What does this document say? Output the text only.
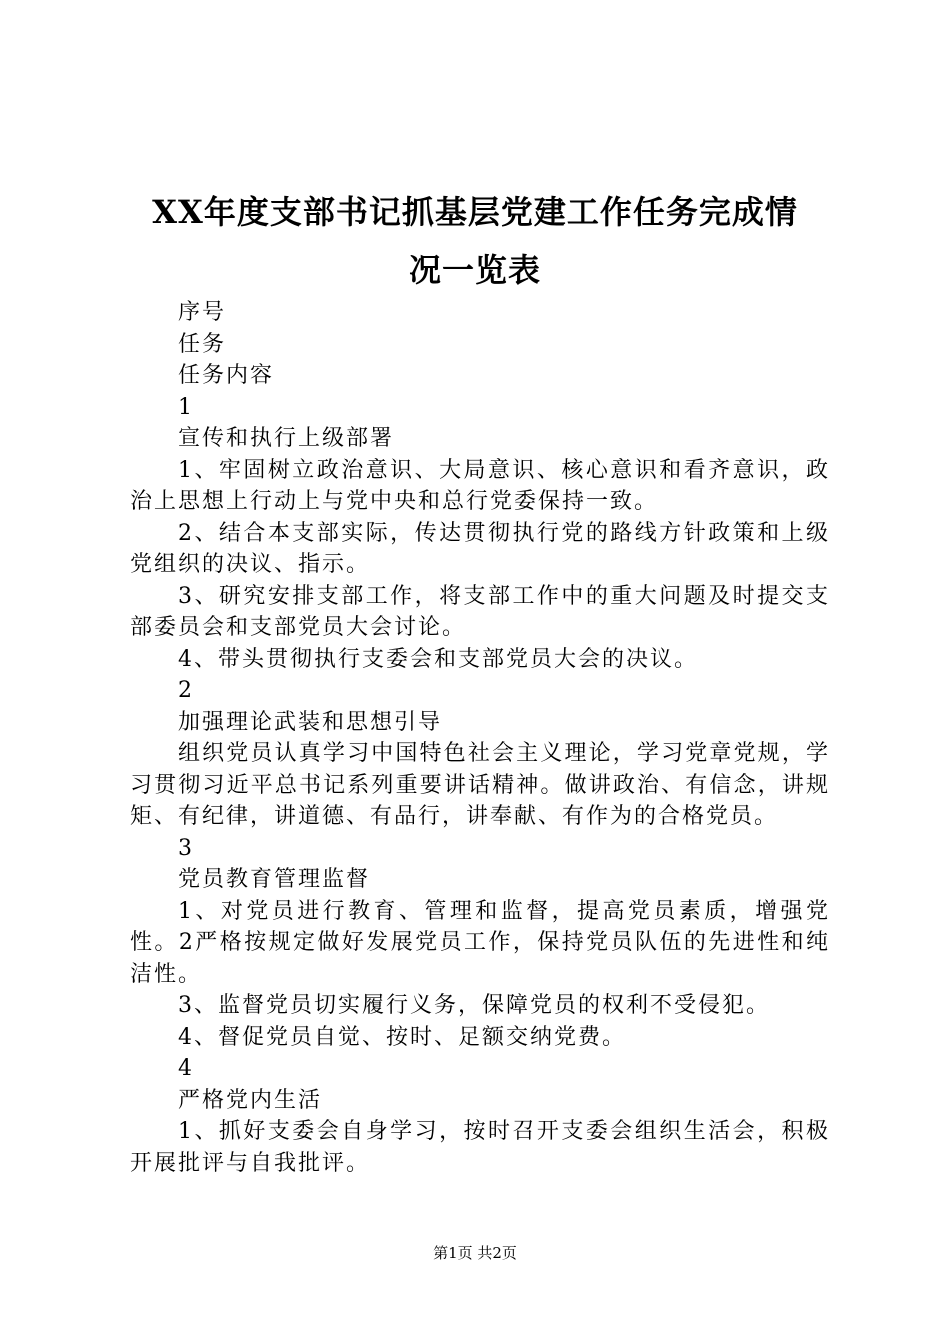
XX年度支部书记抓基层党建工作任务完成情
况一览表

序号

任务

任务内容

1

宣传和执行上级部署

1、牢固树立政治意识、大局意识、核心意识和看齐意识，政治上思想上行动上与党中央和总行党委保持一致。

2、结合本支部实际，传达贯彻执行党的路线方针政策和上级党组织的决议、指示。

3、研究安排支部工作，将支部工作中的重大问题及时提交支部委员会和支部党员大会讨论。

4、带头贯彻执行支委会和支部党员大会的决议。

2

加强理论武装和思想引导

组织党员认真学习中国特色社会主义理论，学习党章党规，学习贯彻习近平总书记系列重要讲话精神。做讲政治、有信念，讲规矩、有纪律，讲道德、有品行，讲奉献、有作为的合格党员。

3

党员教育管理监督

1、对党员进行教育、管理和监督，提高党员素质，增强党性。2严格按规定做好发展党员工作，保持党员队伍的先进性和纯洁性。

3、监督党员切实履行义务，保障党员的权利不受侵犯。

4、督促党员自觉、按时、足额交纳党费。

4

严格党内生活

1、抓好支委会自身学习，按时召开支委会组织生活会，积极开展批评与自我批评。

第1页 共2页
